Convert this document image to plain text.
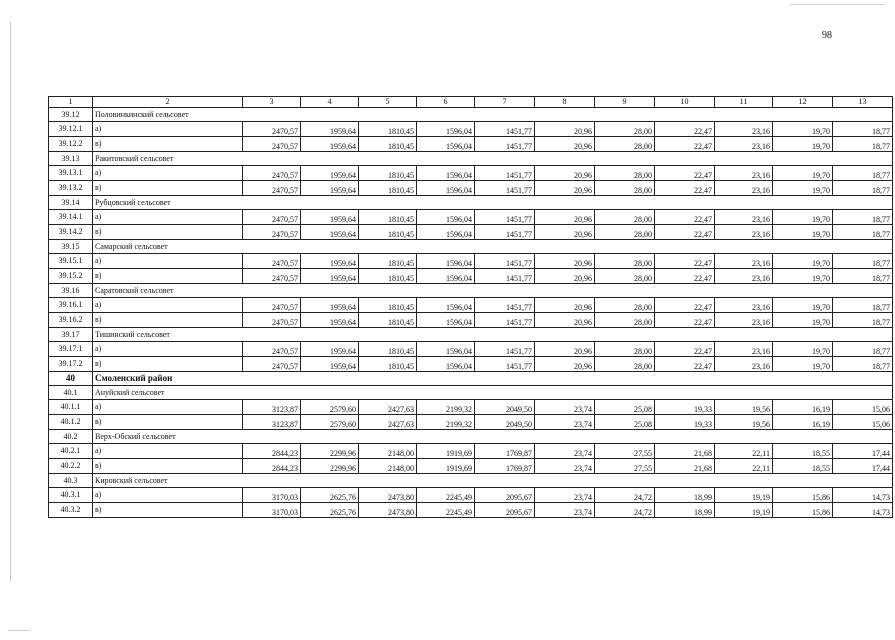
98
1	2	3	4	5	6	7	8	9	10	11	12	13
39.12	Половинкинский сельсовет											
39.12.1	а)	2470,57	1959,64	1810,45	1596,04	1451,77	20,96	28,00	22,47	23,16	19,70	18,77
39.12.2	в)	2470,57	1959,64	1810,45	1596,04	1451,77	20,96	28,00	22,47	23,16	19,70	18,77
39.13	Ракитовский сельсовет											
39.13.1	а)	2470,57	1959,64	1810,45	1596,04	1451,77	20,96	28,00	22,47	23,16	19,70	18,77
39.13.2	в)	2470,57	1959,64	1810,45	1596,04	1451,77	20,96	28,00	22,47	23,16	19,70	18,77
39.14	Рубцовский сельсовет											
39.14.1	а)	2470,57	1959,64	1810,45	1596,04	1451,77	20,96	28,00	22,47	23,16	19,70	18,77
39.14.2	в)	2470,57	1959,64	1810,45	1596,04	1451,77	20,96	28,00	22,47	23,16	19,70	18,77
39.15	Самарский сельсовет											
39.15.1	а)	2470,57	1959,64	1810,45	1596,04	1451,77	20,96	28,00	22,47	23,16	19,70	18,77
39.15.2	в)	2470,57	1959,64	1810,45	1596,04	1451,77	20,96	28,00	22,47	23,16	19,70	18,77
39.16	Саратовский сельсовет											
39.16.1	а)	2470,57	1959,64	1810,45	1596,04	1451,77	20,96	28,00	22,47	23,16	19,70	18,77
39.16.2	в)	2470,57	1959,64	1810,45	1596,04	1451,77	20,96	28,00	22,47	23,16	19,70	18,77
39.17	Тишинский сельсовет											
39.17.1	а)	2470,57	1959,64	1810,45	1596,04	1451,77	20,96	28,00	22,47	23,16	19,70	18,77
39.17.2	в)	2470,57	1959,64	1810,45	1596,04	1451,77	20,96	28,00	22,47	23,16	19,70	18,77
40	Смоленский район											
40.1	Ануйский сельсовет											
40.1.1	а)	3123,87	2579,60	2427,63	2199,32	2049,50	23,74	25,08	19,33	19,56	16,19	15,06
40.1.2	в)	3123,87	2579,60	2427,63	2199,32	2049,50	23,74	25,08	19,33	19,56	16,19	15,06
40.2	Верх-Обский сельсовет											
40.2.1	а)	2844,23	2299,96	2148,00	1919,69	1769,87	23,74	27,55	21,68	22,11	18,55	17,44
40.2.2	в)	2844,23	2299,96	2148,00	1919,69	1769,87	23,74	27,55	21,68	22,11	18,55	17,44
40.3	Кировский сельсовет											
40.3.1	а)	3170,03	2625,76	2473,80	2245,49	2095,67	23,74	24,72	18,99	19,19	15,86	14,73
40.3.2	в)	3170,03	2625,76	2473,80	2245,49	2095,67	23,74	24,72	18,99	19,19	15,86	14,73
